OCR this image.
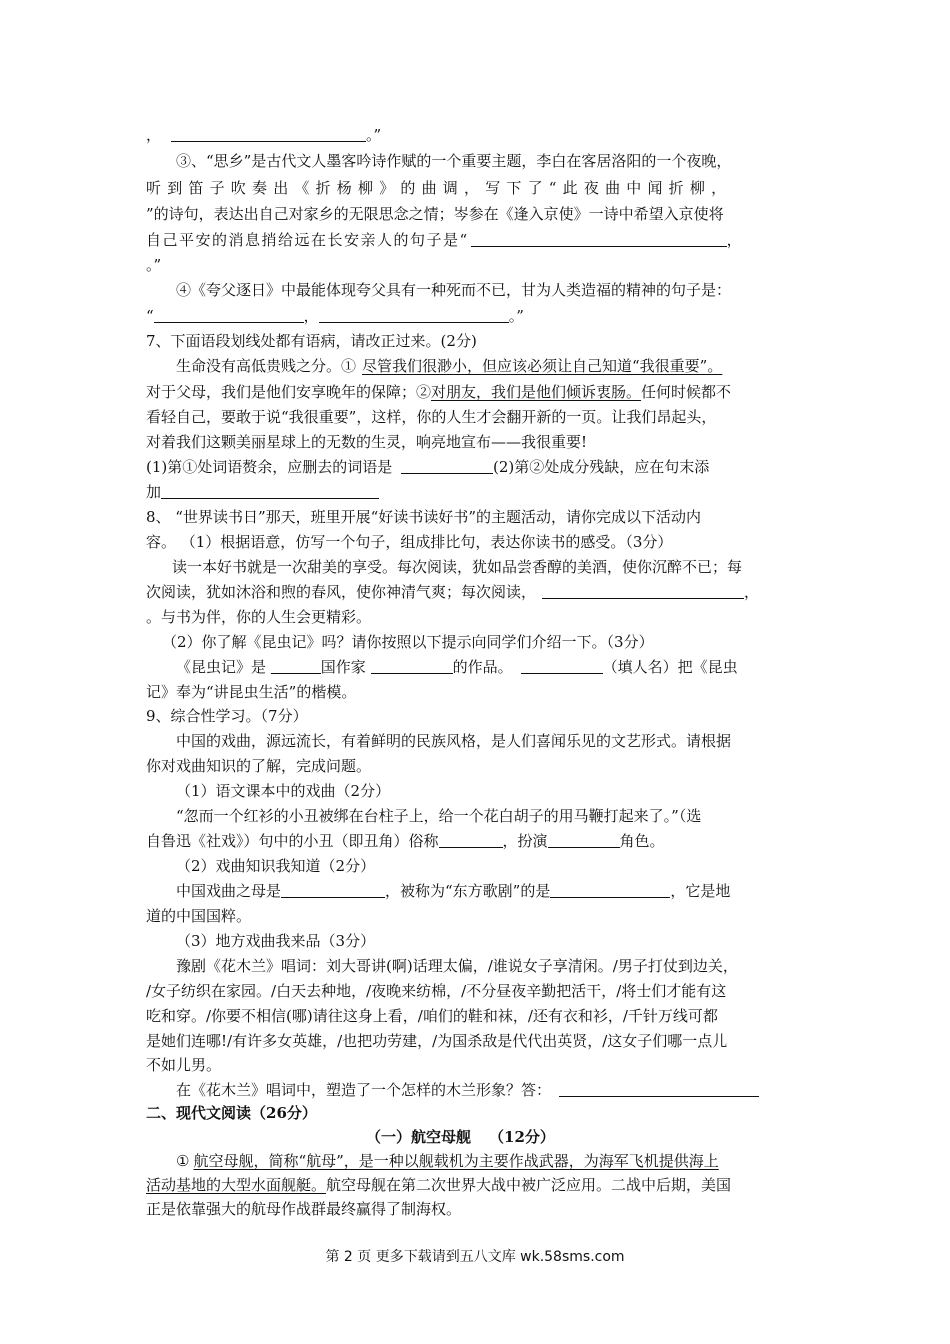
，	。”
③、“思乡”是古代文人墨客吟诗作赋的一个重要主题，李白在客居洛阳的一个夜晚，
听到笛子吹奏出《折杨柳》的曲调，写下了“此夜曲中闻折柳，
”的诗句，表达出自己对家乡的无限思念之情；岑参在《逢入京使》一诗中希望入京使将
自己平安的消息捎给远在长安亲人的句子是“	，
。”
④《夸父逐日》中最能体现夸父具有一种死而不已，甘为人类造福的精神的句子是：
“	，	。”
7、下面语段划线处都有语病，请改正过来。(2分)
生命没有高低贵贱之分。① 尽管我们很渺小，但应该必须让自己知道“我很重要”。
对于父母，我们是他们安享晚年的保障；②对朋友，我们是他们倾诉衷肠。任何时候都不
看轻自己，要敢于说“我很重要”，这样，你的人生才会翻开新的一页。让我们昂起头，
对着我们这颗美丽星球上的无数的生灵，响亮地宣布——我很重要!
(1)第①处词语赘余，应删去的词语是	(2)第②处成分残缺，应在句末添
加
8、 “世界读书日”那天，班里开展“好读书读好书”的主题活动，请你完成以下活动内
容。 （1）根据语意，仿写一个句子，组成排比句，表达你读书的感受。（3分）
读一本好书就是一次甜美的享受。每次阅读，犹如品尝香醇的美酒，使你沉醉不已；每
次阅读，犹如沐浴和煦的春风，使你神清气爽；每次阅读，	，
。与书为伴，你的人生会更精彩。
（2）你了解《昆虫记》吗？请你按照以下提示向同学们介绍一下。（3分）
《昆虫记》是	国作家	的作品。	（填人名）把《昆虫
记》奉为“讲昆虫生活”的楷模。
9、综合性学习。（7分）
中国的戏曲，源远流长，有着鲜明的民族风格，是人们喜闻乐见的文艺形式。请根据
你对戏曲知识的了解，完成问题。
（1）语文课本中的戏曲（2分）
“忽而一个红衫的小丑被绑在台柱子上，给一个花白胡子的用马鞭打起来了。”（选
自鲁迅《社戏》）句中的小丑（即丑角）俗称	，扮演	角色。
（2）戏曲知识我知道（2分）
中国戏曲之母是	，被称为“东方歌剧”的是	，它是地
道的中国国粹。
（3）地方戏曲我来品（3分）
豫剧《花木兰》唱词：刘大哥讲(啊)话理太偏，/谁说女子享清闲。/男子打仗到边关，
/女子纺织在家园。/白天去种地，/夜晚来纺棉，/不分昼夜辛勤把活干，/将士们才能有这
吃和穿。/你要不相信(哪)请往这身上看，/咱们的鞋和袜，/还有衣和衫，/千针万线可都
是她们连哪!/有许多女英雄，/也把功劳建，/为国杀敌是代代出英贤，/这女子们哪一点儿
不如儿男。
在《花木兰》唱词中，塑造了一个怎样的木兰形象？答：
二、现代文阅读（26分）
（一）航空母舰 （12分）
① 航空母舰，简称“航母”，是一种以舰载机为主要作战武器，为海军飞机提供海上
活动基地的大型水面舰艇。航空母舰在第二次世界大战中被广泛应用。二战中后期，美国
正是依靠强大的航母作战群最终赢得了制海权。
第 2 页 更多下载请到五八文库 wk.58sms.com
